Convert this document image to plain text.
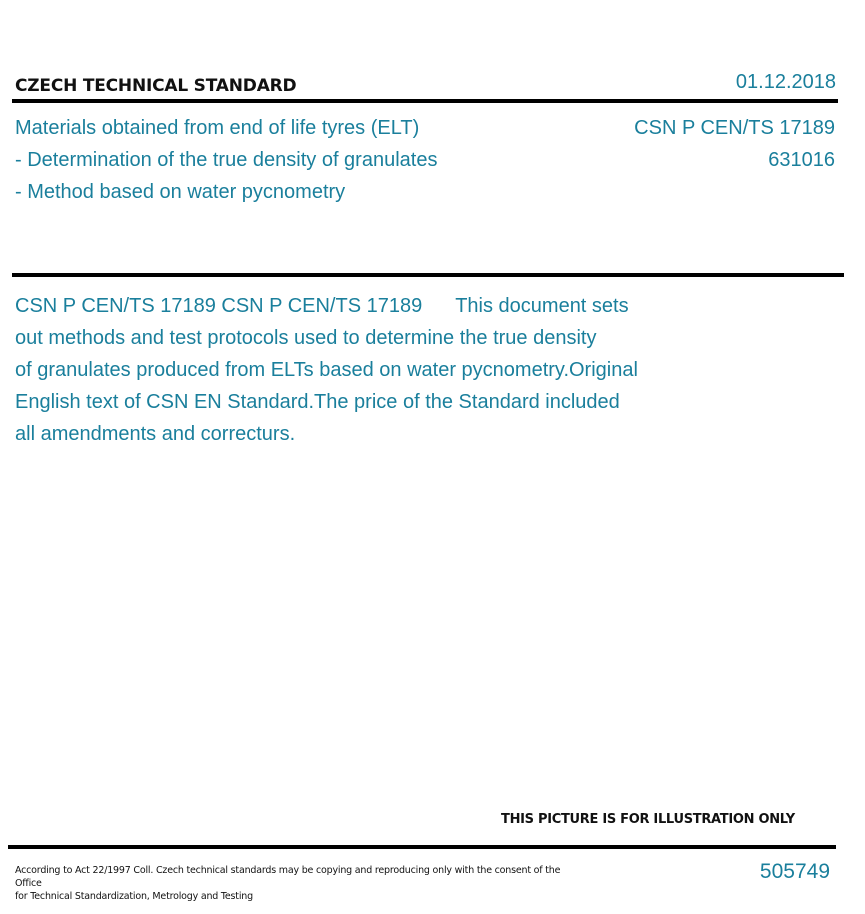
CZECH TECHNICAL STANDARD	01.12.2018
Materials obtained from end of life tyres (ELT)
- Determination of the true density of granulates
- Method based on water pycnometry
CSN P CEN/TS 17189
631016
CSN P CEN/TS 17189 CSN P CEN/TS 17189      This document sets
out methods and test protocols used to determine the true density
of granulates produced from ELTs based on water pycnometry.Original
English text of CSN EN Standard.The price of the Standard included
all amendments and correcturs.
THIS PICTURE IS FOR ILLUSTRATION ONLY
According to Act 22/1997 Coll. Czech technical standards may be copying and reproducing only with the consent of the Office
for Technical Standardization, Metrology and Testing
505749
